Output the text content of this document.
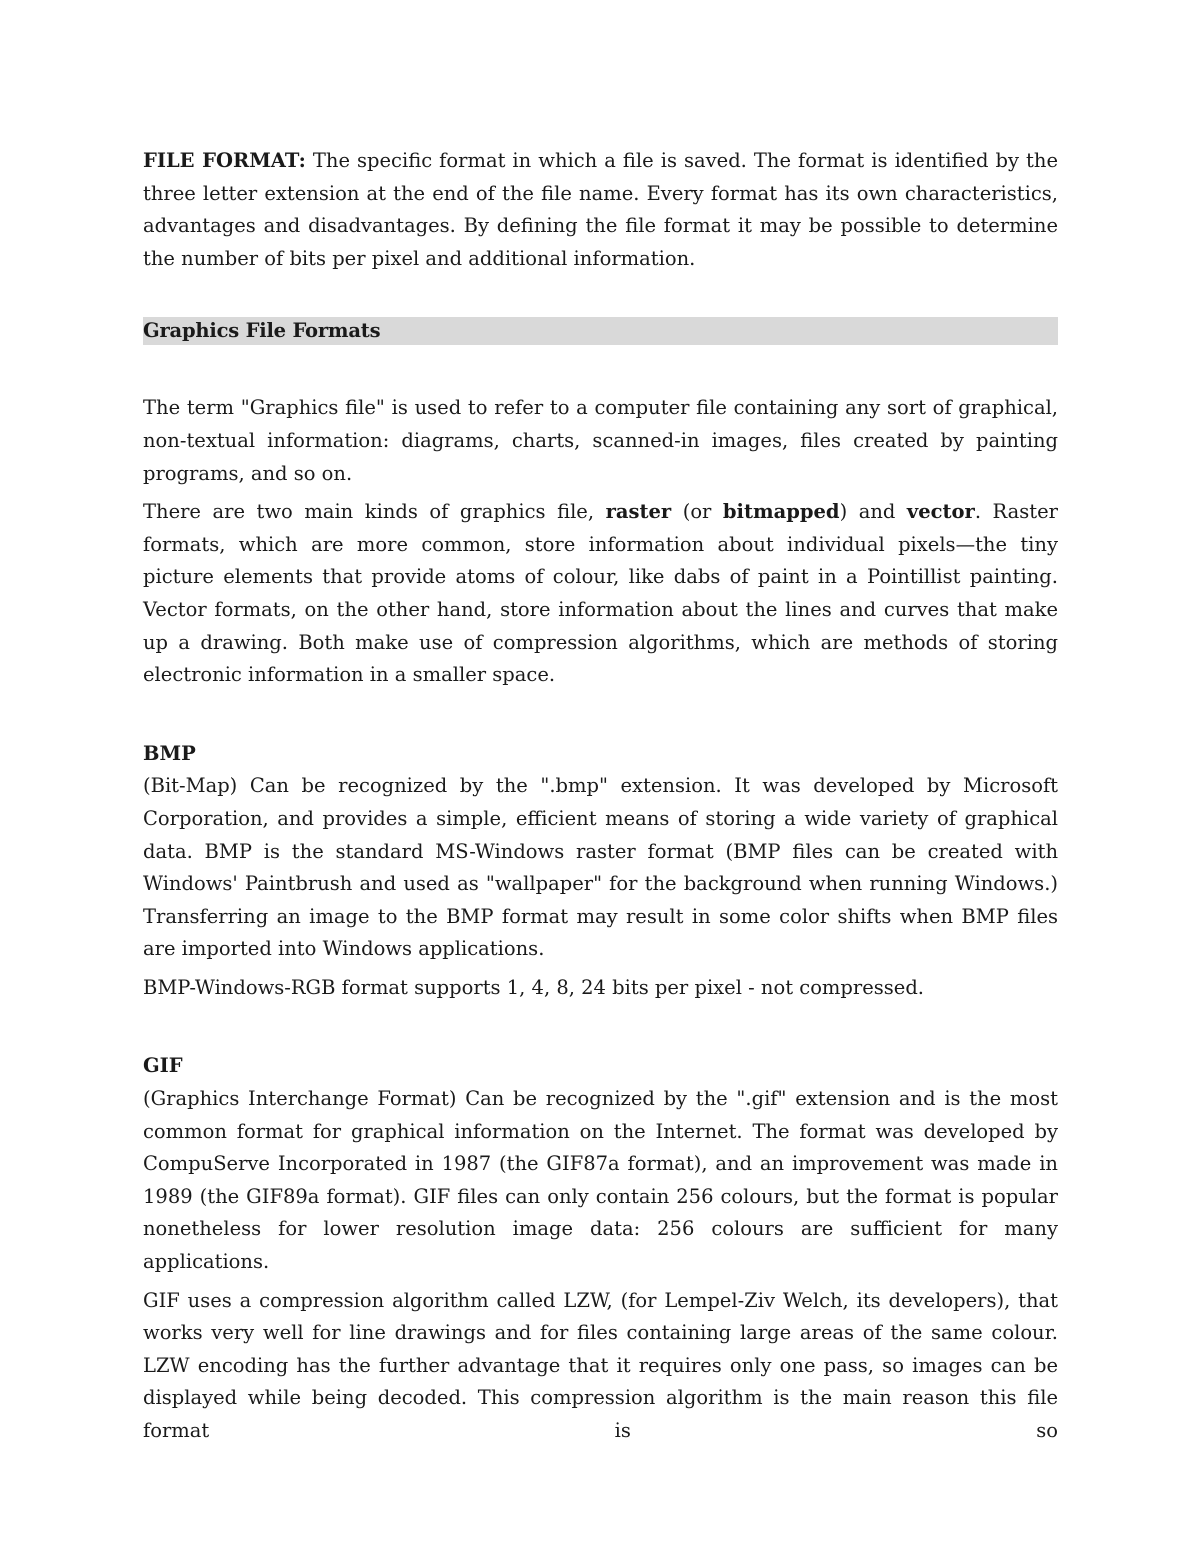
FILE FORMAT: The specific format in which a file is saved. The format is identified by the three letter extension at the end of the file name. Every format has its own characteristics, advantages and disadvantages. By defining the file format it may be possible to determine the number of bits per pixel and additional information.

Graphics File Formats

The term "Graphics file" is used to refer to a computer file containing any sort of graphical, non-textual information: diagrams, charts, scanned-in images, files created by painting programs, and so on.

There are two main kinds of graphics file, raster (or bitmapped) and vector. Raster formats, which are more common, store information about individual pixels—the tiny picture elements that provide atoms of colour, like dabs of paint in a Pointillist painting. Vector formats, on the other hand, store information about the lines and curves that make up a drawing. Both make use of compression algorithms, which are methods of storing electronic information in a smaller space.

BMP

(Bit-Map) Can be recognized by the ".bmp" extension. It was developed by Microsoft Corporation, and provides a simple, efficient means of storing a wide variety of graphical data. BMP is the standard MS-Windows raster format (BMP files can be created with Windows' Paintbrush and used as "wallpaper" for the background when running Windows.) Transferring an image to the BMP format may result in some color shifts when BMP files are imported into Windows applications.

BMP-Windows-RGB format supports 1, 4, 8, 24 bits per pixel - not compressed.

GIF

(Graphics Interchange Format) Can be recognized by the ".gif" extension and is the most common format for graphical information on the Internet. The format was developed by CompuServe Incorporated in 1987 (the GIF87a format), and an improvement was made in 1989 (the GIF89a format). GIF files can only contain 256 colours, but the format is popular nonetheless for lower resolution image data: 256 colours are sufficient for many applications.

GIF uses a compression algorithm called LZW, (for Lempel-Ziv Welch, its developers), that works very well for line drawings and for files containing large areas of the same colour. LZW encoding has the further advantage that it requires only one pass, so images can be displayed while being decoded. This compression algorithm is the main reason this file format is so
